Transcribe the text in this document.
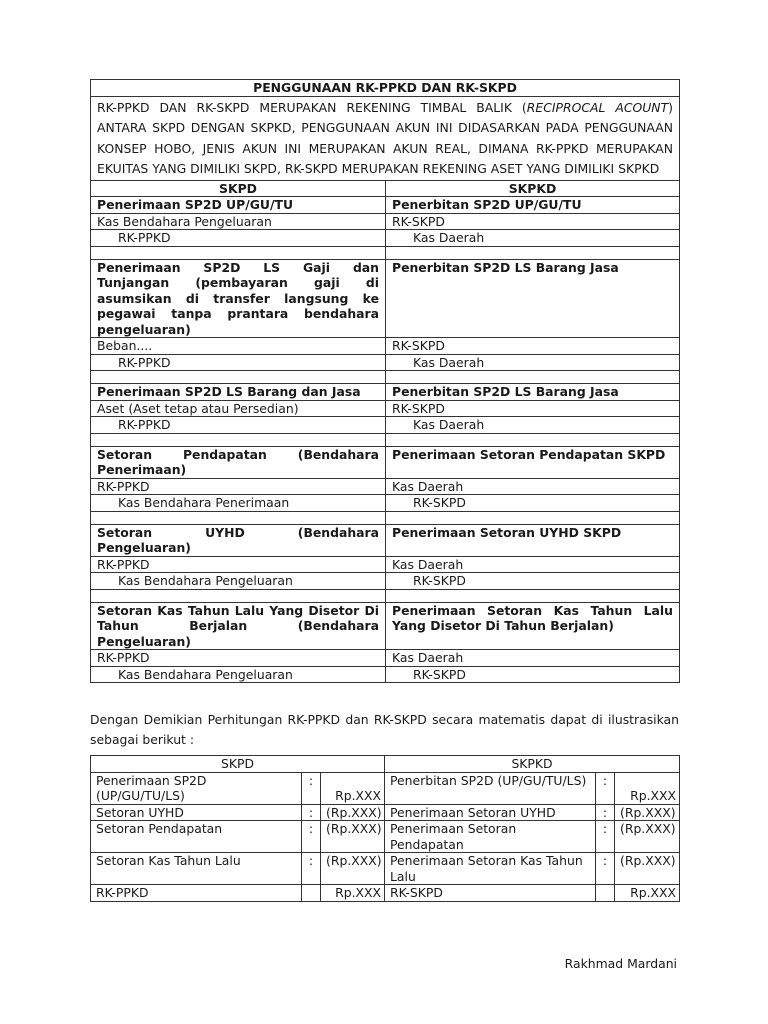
PENGGUNAAN RK-PPKD DAN RK-SKPD	
RK-PPKD DAN RK-SKPD MERUPAKAN REKENING TIMBAL BALIK (RECIPROCAL ACOUNT) ANTARA SKPD DENGAN SKPKD, PENGGUNAAN AKUN INI DIDASARKAN PADA PENGGUNAAN KONSEP HOBO, JENIS AKUN INI MERUPAKAN AKUN REAL, DIMANA RK-PPKD MERUPAKAN EKUITAS YANG DIMILIKI SKPD, RK-SKPD MERUPAKAN REKENING ASET YANG DIMILIKI SKPKD	
SKPD	SKPKD
Penerimaan SP2D UP/GU/TU	Penerbitan SP2D UP/GU/TU
Kas Bendahara Pengeluaran	RK-SKPD
RK-PPKD	Kas Daerah

Penerimaan SP2D LS Gaji dan Tunjangan (pembayaran gaji di asumsikan di transfer langsung ke pegawai tanpa prantara bendahara pengeluaran)	Penerbitan SP2D LS Barang Jasa
Beban....	RK-SKPD
RK-PPKD	Kas Daerah

Penerimaan SP2D LS Barang dan Jasa	Penerbitan SP2D LS Barang Jasa
Aset (Aset tetap atau Persedian)	RK-SKPD
RK-PPKD	Kas Daerah

Setoran Pendapatan (Bendahara Penerimaan)	Penerimaan Setoran Pendapatan SKPD
RK-PPKD	Kas Daerah
Kas Bendahara Penerimaan	RK-SKPD

Setoran UYHD (Bendahara Pengeluaran)	Penerimaan Setoran UYHD SKPD
RK-PPKD	Kas Daerah
Kas Bendahara Pengeluaran	RK-SKPD

Setoran Kas Tahun Lalu Yang Disetor Di Tahun Berjalan (Bendahara Pengeluaran)	Penerimaan Setoran Kas Tahun Lalu Yang Disetor Di Tahun Berjalan)
RK-PPKD	Kas Daerah
Kas Bendahara Pengeluaran	RK-SKPD

Dengan Demikian Perhitungan RK-PPKD dan RK-SKPD secara matematis dapat di ilustrasikan sebagai berikut :

SKPD			SKPKD		
Penerimaan SP2D (UP/GU/TU/LS)	:	Rp.XXX	Penerbitan SP2D (UP/GU/TU/LS)	:	Rp.XXX
Setoran UYHD	:	(Rp.XXX)	Penerimaan Setoran UYHD	:	(Rp.XXX)
Setoran Pendapatan	:	(Rp.XXX)	Penerimaan Setoran Pendapatan	:	(Rp.XXX)
Setoran Kas Tahun Lalu	:	(Rp.XXX)	Penerimaan Setoran Kas Tahun Lalu	:	(Rp.XXX)
RK-PPKD		Rp.XXX	RK-SKPD		Rp.XXX

Rakhmad Mardani
